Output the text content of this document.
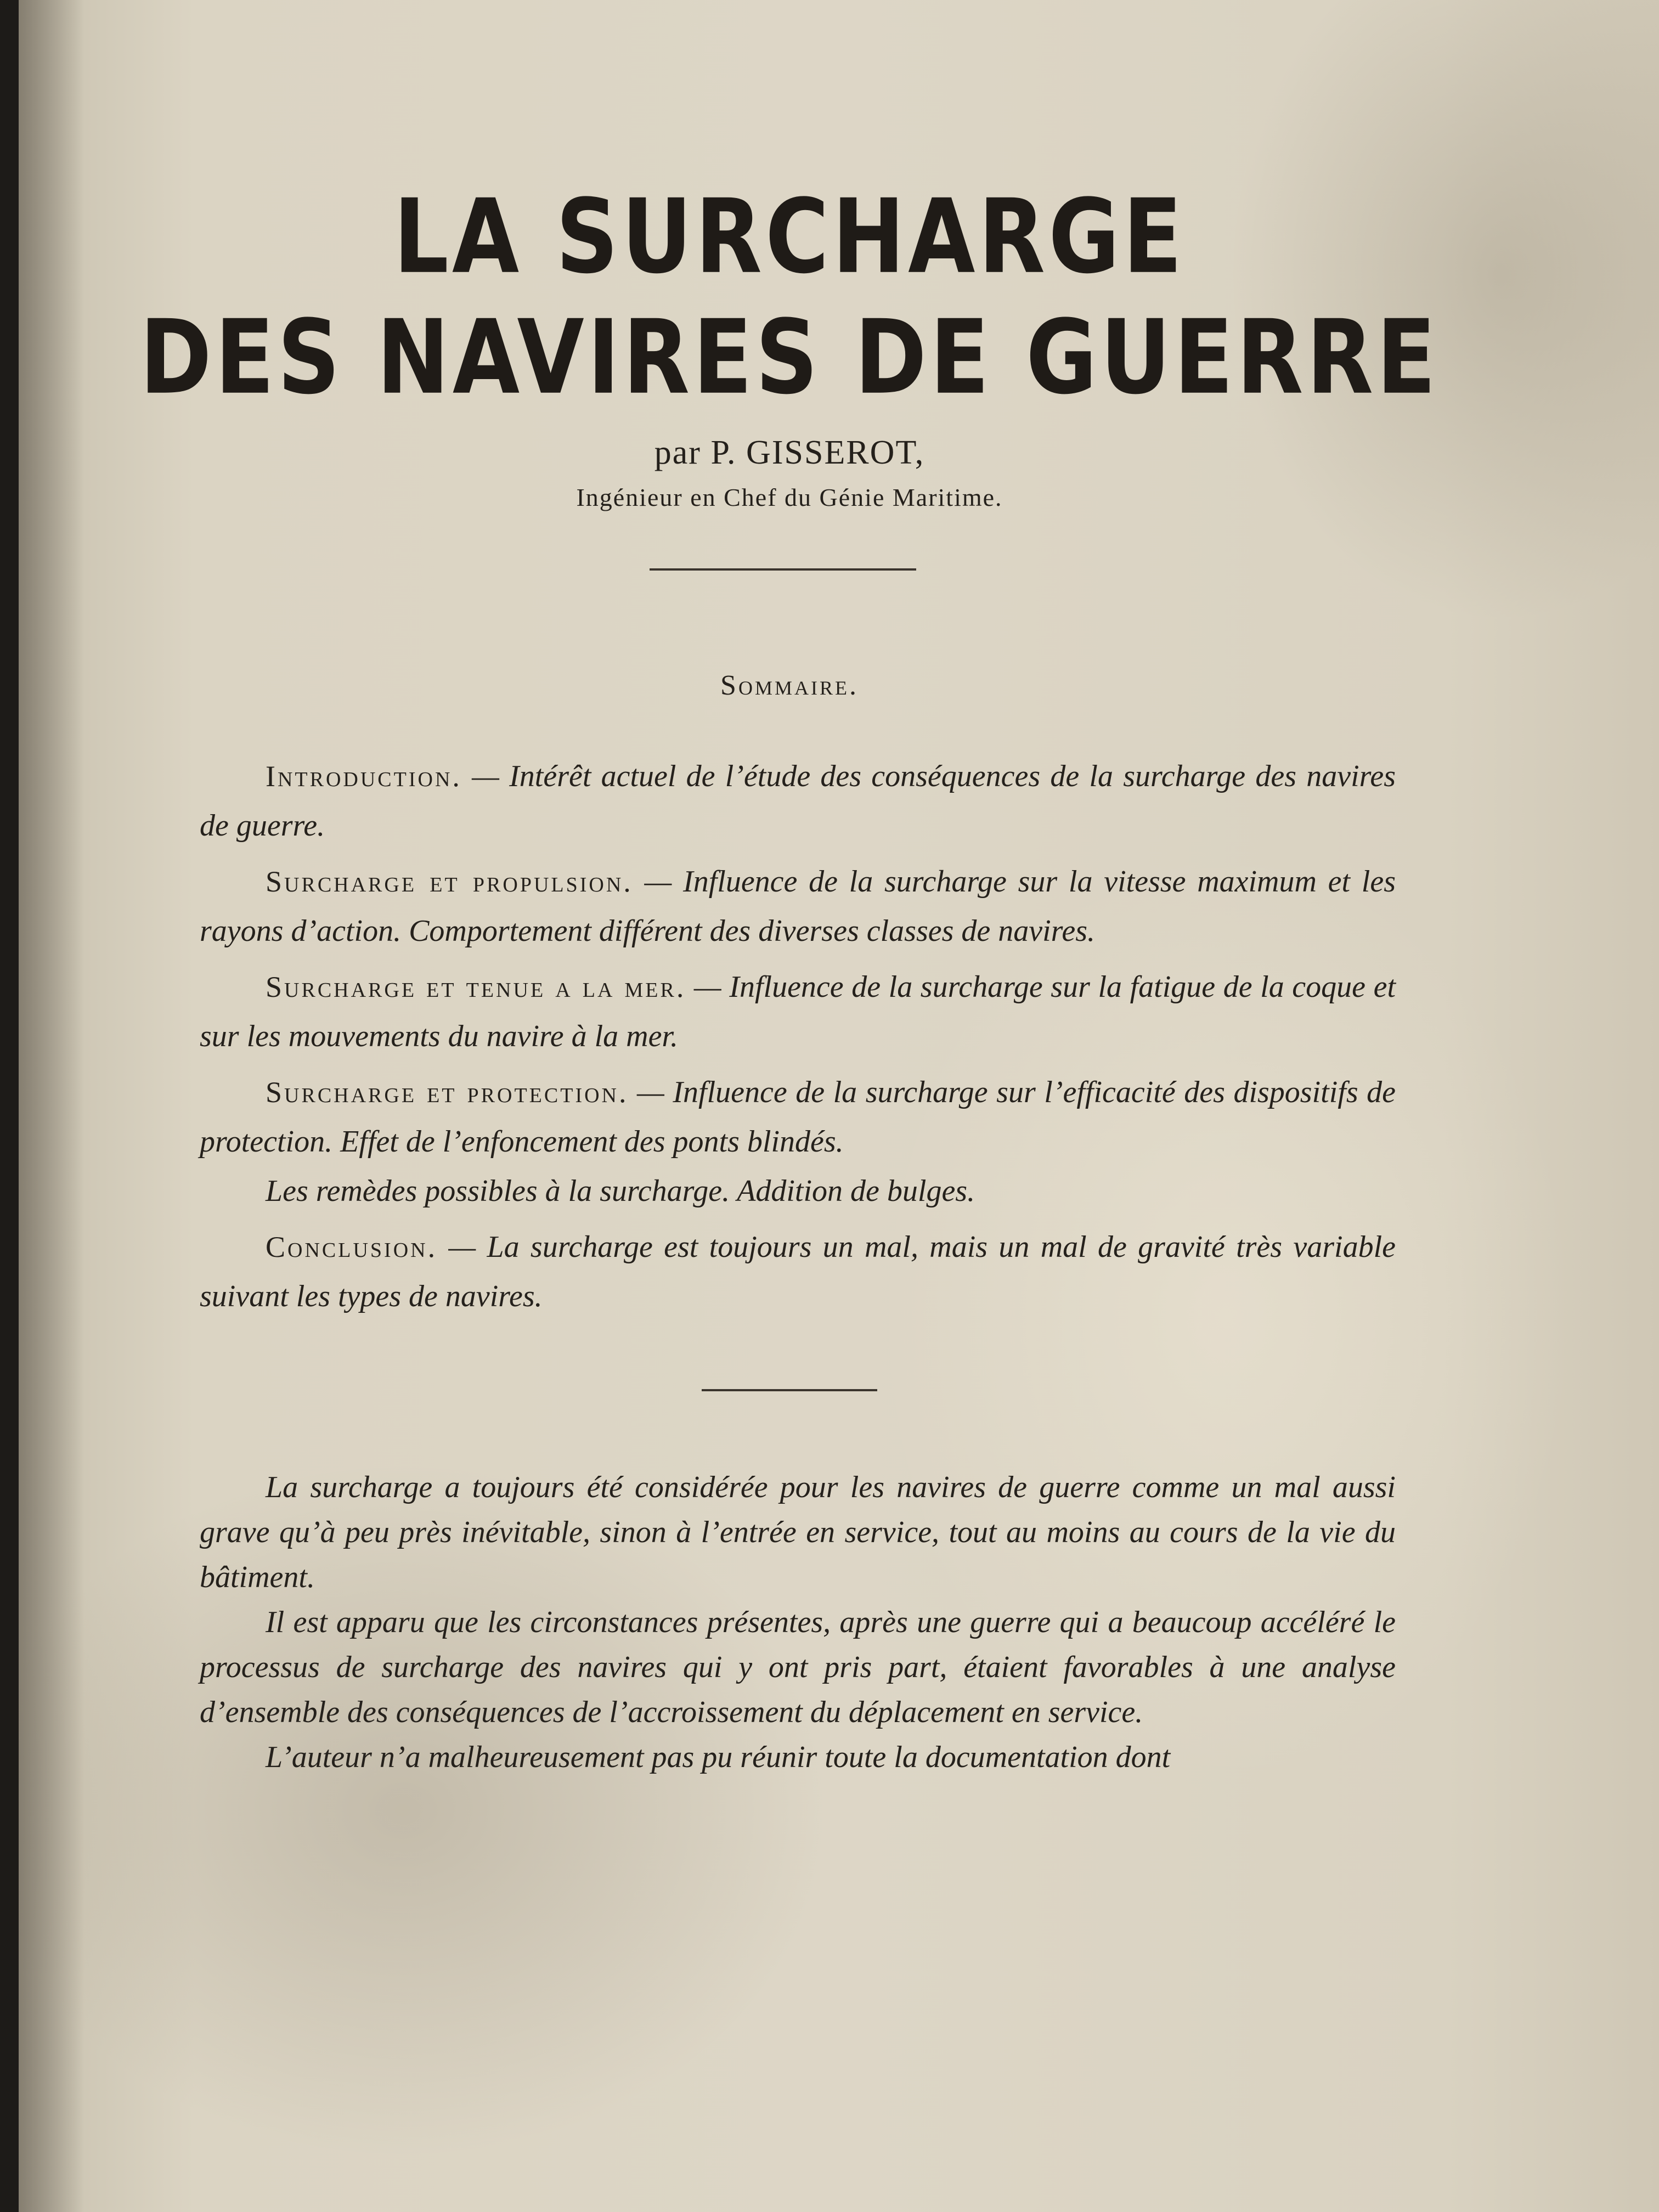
LA SURCHARGE
DES NAVIRES DE GUERRE
par P. GISSEROT,
Ingénieur en Chef du Génie Maritime.
Sommaire.

Introduction. — Intérêt actuel de l’étude des conséquences de la surcharge des navires de guerre.

Surcharge et propulsion. — Influence de la surcharge sur la vitesse maximum et les rayons d’action. Comportement différent des diverses classes de navires.

Surcharge et tenue a la mer. — Influence de la surcharge sur la fatigue de la coque et sur les mouvements du navire à la mer.

Surcharge et protection. — Influence de la surcharge sur l’efficacité des dispositifs de protection. Effet de l’enfoncement des ponts blindés.

Les remèdes possibles à la surcharge. Addition de bulges.

Conclusion. — La surcharge est toujours un mal, mais un mal de gravité très variable suivant les types de navires.

La surcharge a toujours été considérée pour les navires de guerre comme un mal aussi grave qu’à peu près inévitable, sinon à l’entrée en service, tout au moins au cours de la vie du bâtiment.

Il est apparu que les circonstances présentes, après une guerre qui a beaucoup accéléré le processus de surcharge des navires qui y ont pris part, étaient favorables à une analyse d’ensemble des conséquences de l’accroissement du déplacement en service.

L’auteur n’a malheureusement pas pu réunir toute la documentation dont
